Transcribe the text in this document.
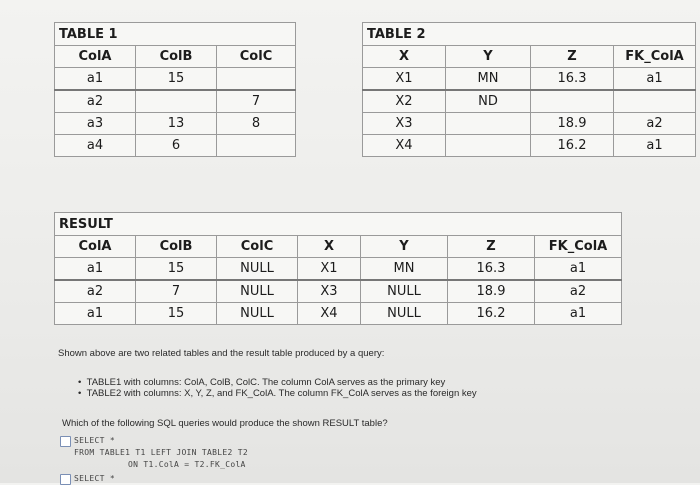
TABLE 1		
ColA	ColB	ColC
a1	15	
a2		7
a3	13	8
a4	6	
TABLE 2			
X	Y	Z	FK_ColA
X1	MN	16.3	a1
X2	ND		
X3		18.9	a2
X4		16.2	a1
RESULT						
ColA	ColB	ColC	X	Y	Z	FK_ColA
a1	15	NULL	X1	MN	16.3	a1
a2	7	NULL	X3	NULL	18.9	a2
a1	15	NULL	X4	NULL	16.2	a1
Shown above are two related tables and the result table produced by a query:
•  TABLE1 with columns: ColA, ColB, ColC. The column ColA serves as the primary key
•  TABLE2 with columns: X, Y, Z, and FK_ColA. The column FK_ColA serves as the foreign key
Which of the following SQL queries would produce the shown RESULT table?
SELECT *
FROM TABLE1 T1 LEFT JOIN TABLE2 T2
ON T1.ColA = T2.FK_ColA
SELECT *
